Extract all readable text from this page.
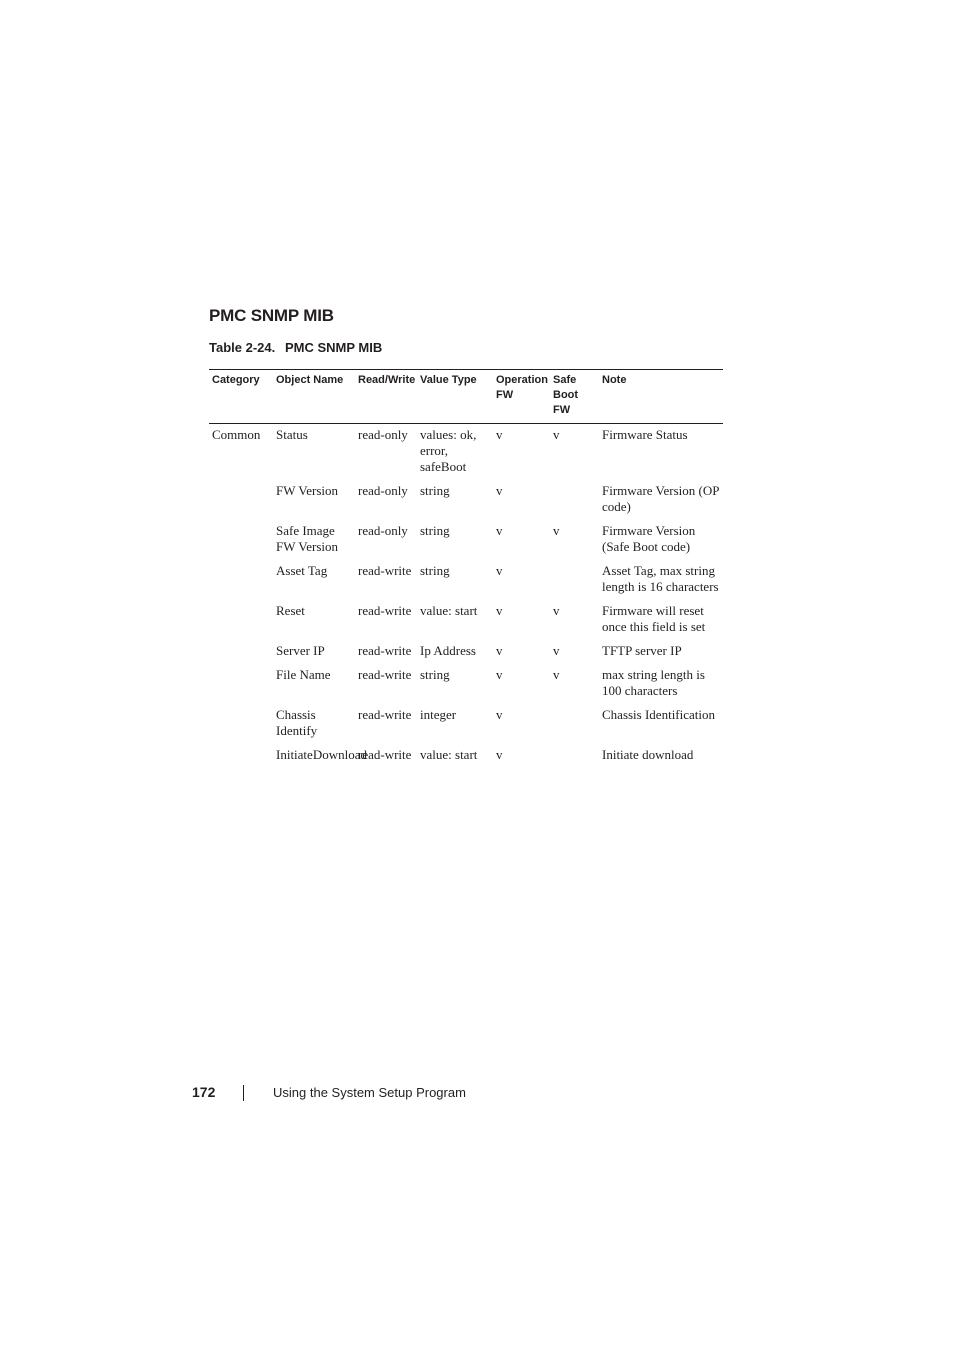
PMC SNMP MIB
Table 2-24. PMC SNMP MIB
Category	Object Name	Read/Write	Value Type	Operation FW	Safe Boot FW	Note
Common	Status	read-only	values: ok, error, safeBoot	v	v	Firmware Status
	FW Version	read-only	string	v		Firmware Version (OP code)
	Safe Image FW Version	read-only	string	v	v	Firmware Version (Safe Boot code)
	Asset Tag	read-write	string	v		Asset Tag, max string length is 16 characters
	Reset	read-write	value: start	v	v	Firmware will reset once this field is set
	Server IP	read-write	Ip Address	v	v	TFTP server IP
	File Name	read-write	string	v	v	max string length is 100 characters
	Chassis Identify	read-write	integer	v		Chassis Identification
	InitiateDownload	read-write	value: start	v		Initiate download
172	Using the System Setup Program
